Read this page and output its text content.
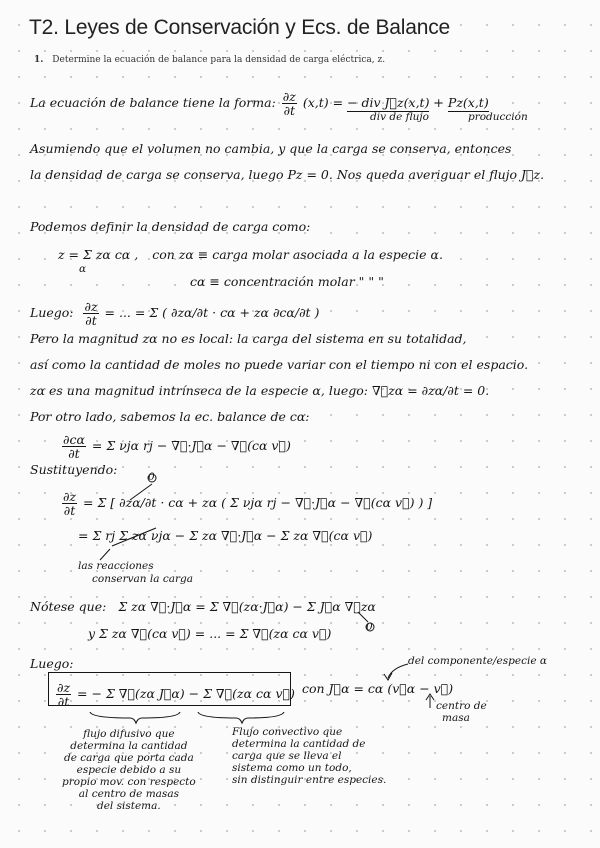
T2. Leyes de Conservación y Ecs. de Balance
1. Determine la ecuación de balance para la densidad de carga eléctrica, z.
La ecuación de balance tiene la forma: $\frac{\partial z}{\partial t} (x,t)$ = − div J⃗z(x,t) + Pz(x,t)
div de flujo	producción
Asumiendo que el volumen no cambia, y que la carga se conserva, entonces
la densidad de carga se conserva, luego Pz = 0. Nos queda averiguar el flujo J⃗z.
Podemos definir la densidad de carga como:
z = Σ zα cα , con zα ≡ carga molar asociada a la especie α.
α
cα ≡ concentración molar " " "
Luego: $\frac{\partial z}{\partial t}$ = ... = Σ ( ∂zα/∂t · cα + zα ∂cα/∂t )
Pero la magnitud zα no es local: la carga del sistema en su totalidad,
así como la cantidad de moles no puede variar con el tiempo ni con el espacio.
zα es una magnitud intrínseca de la especie α, luego: ∇⃗zα = ∂zα/∂t = 0.
Por otro lado, sabemos la ec. balance de cα:
$\frac{\partial c\alpha}{\partial t} = \Sigma$ νjα rj − ∇⃗·J⃗α − ∇⃗(cα v⃗)
Sustituyendo:	0
$\frac{\partial z}{\partial t} = \Sigma$ [ ∂zα/∂t · cα + zα ( Σ νjα rj − ∇⃗·J⃗α − ∇⃗(cα v⃗) ) ]
= Σ rj Σ zα νjα − Σ zα ∇⃗·J⃗α − Σ zα ∇⃗(cα v⃗)
las reacciones
conservan la carga
Nótese que: Σ zα ∇⃗·J⃗α = Σ ∇⃗(zα·J⃗α) − Σ J⃗α ∇⃗zα
0
y Σ zα ∇⃗(cα v⃗) = ... = Σ ∇⃗(zα cα v⃗)
Luego:	del componente/especie α
$\frac{\partial z}{\partial t}$ = − Σ ∇⃗(zα J⃗α) − Σ ∇⃗(zα cα v⃗) con J⃗α = cα (v⃗α − v⃗)
centro de
masa
flujo difusivo que
determina la cantidad
de carga que porta cada
especie debido a su
propio mov. con respecto
al centro de masas
del sistema.
Flujo convectivo que
determina la cantidad de
carga que se lleva el
sistema como un todo,
sin distinguir entre especies.
